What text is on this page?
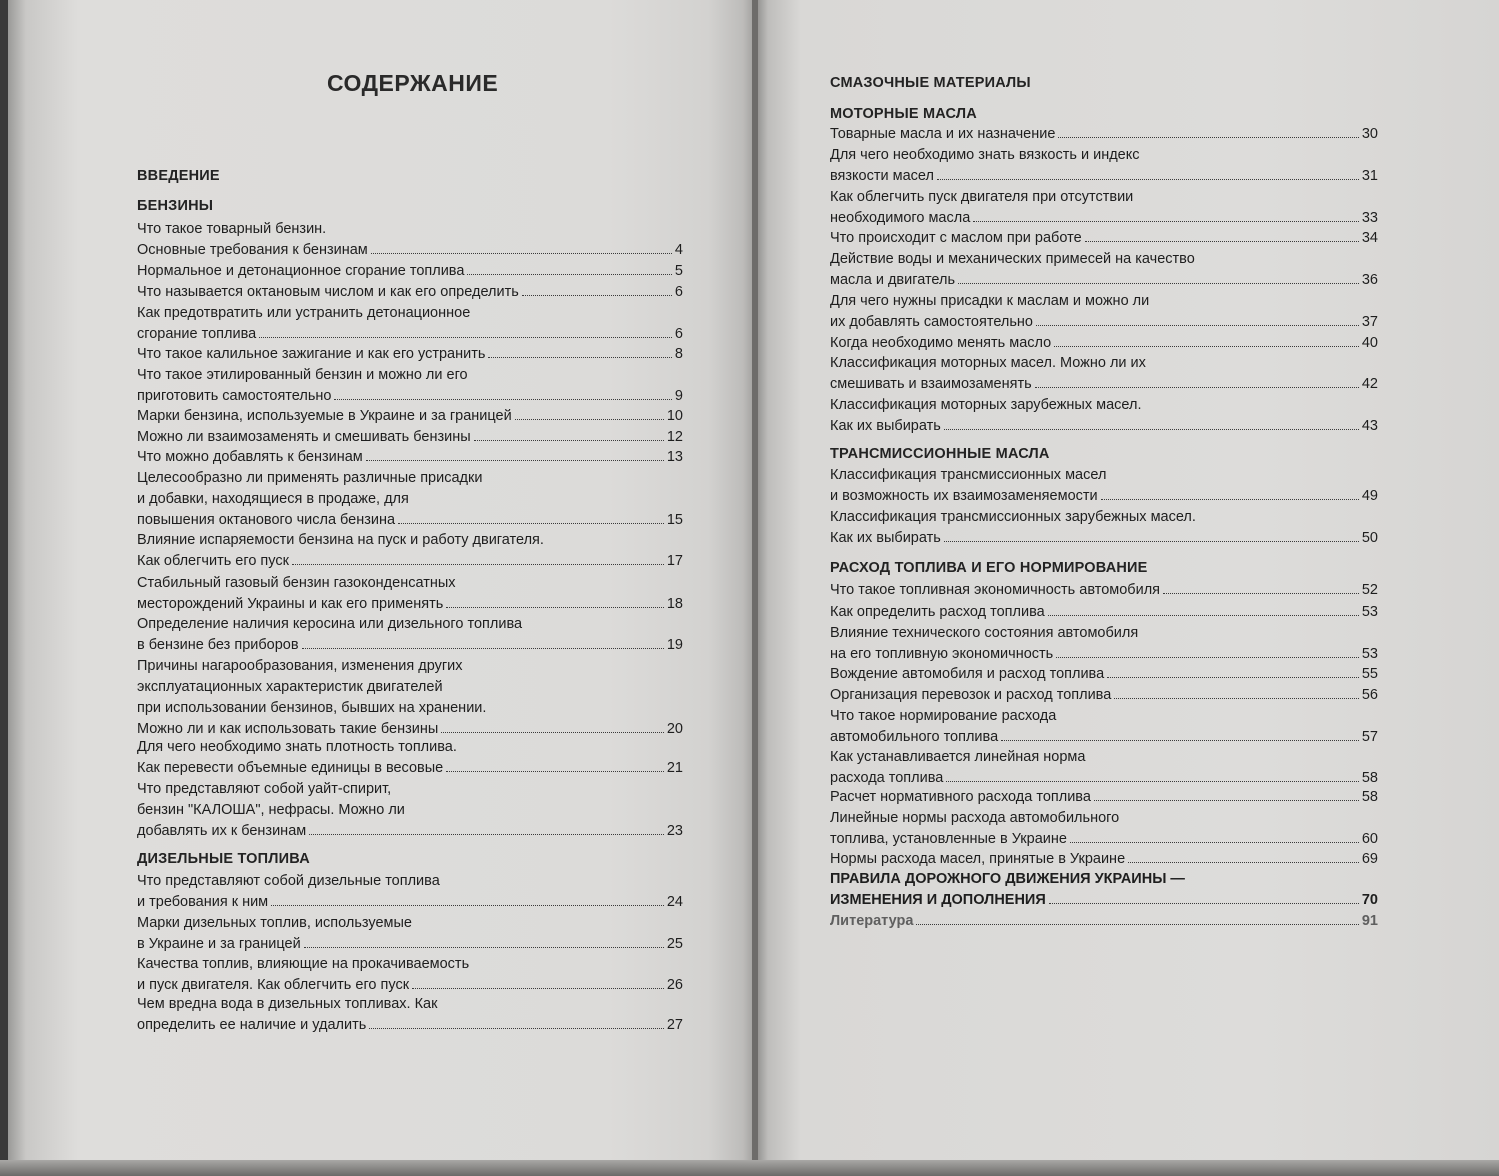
СОДЕРЖАНИЕ
ВВЕДЕНИЕ
БЕНЗИНЫ
Что такое товарный бензин.
Основные требования к бензинам	4
Нормальное и детонационное сгорание топлива	5
Что называется октановым числом и как его определить	6
Как предотвратить или устранить детонационное
сгорание топлива	6
Что такое калильное зажигание и как его устранить	8
Что такое этилированный бензин и можно ли его
приготовить самостоятельно	9
Марки бензина, используемые в Украине и за границей	10
Можно ли взаимозаменять и смешивать бензины	12
Что можно добавлять к бензинам	13
Целесообразно ли применять различные присадки
и добавки, находящиеся в продаже, для
повышения октанового числа бензина	15
Влияние испаряемости бензина на пуск и работу двигателя.
Как облегчить его пуск	17
Стабильный газовый бензин газоконденсатных
месторождений Украины и как его применять	18
Определение наличия керосина или дизельного топлива
в бензине без приборов	19
Причины нагарообразования, изменения других
эксплуатационных характеристик двигателей
при использовании бензинов, бывших на хранении.
Можно ли и как использовать такие бензины	20
Для чего необходимо знать плотность топлива.
Как перевести объемные единицы в весовые	21
Что представляют собой уайт-спирит,
бензин "КАЛОША", нефрасы. Можно ли
добавлять их к бензинам	23
ДИЗЕЛЬНЫЕ ТОПЛИВА
Что представляют собой дизельные топлива
и требования к ним	24
Марки дизельных топлив, используемые
в Украине и за границей	25
Качества топлив, влияющие на прокачиваемость
и пуск двигателя. Как облегчить его пуск	26
Чем вредна вода в дизельных топливах. Как
определить ее наличие и удалить	27
СМАЗОЧНЫЕ МАТЕРИАЛЫ
МОТОРНЫЕ МАСЛА
Товарные масла и их назначение	30
Для чего необходимо знать вязкость и индекс
вязкости масел	31
Как облегчить пуск двигателя при отсутствии
необходимого масла	33
Что происходит с маслом при работе	34
Действие воды и механических примесей на качество
масла и двигатель	36
Для чего нужны присадки к маслам и можно ли
их добавлять самостоятельно	37
Когда необходимо менять масло	40
Классификация моторных масел. Можно ли их
смешивать и взаимозаменять	42
Классификация моторных зарубежных масел.
Как их выбирать	43
ТРАНСМИССИОННЫЕ МАСЛА
Классификация трансмиссионных масел
и возможность их взаимозаменяемости	49
Классификация трансмиссионных зарубежных масел.
Как их выбирать	50
РАСХОД ТОПЛИВА И ЕГО НОРМИРОВАНИЕ
Что такое топливная экономичность автомобиля	52
Как определить расход топлива	53
Влияние технического состояния автомобиля
на его топливную экономичность	53
Вождение автомобиля и расход топлива	55
Организация перевозок и расход топлива	56
Что такое нормирование расхода
автомобильного топлива	57
Как устанавливается линейная норма
расхода топлива	58
Расчет нормативного расхода топлива	58
Линейные нормы расхода автомобильного
топлива, установленные в Украине	60
Нормы расхода масел, принятые в Украине	69
ПРАВИЛА ДОРОЖНОГО ДВИЖЕНИЯ УКРАИНЫ —
ИЗМЕНЕНИЯ И ДОПОЛНЕНИЯ	70
Литература	91
